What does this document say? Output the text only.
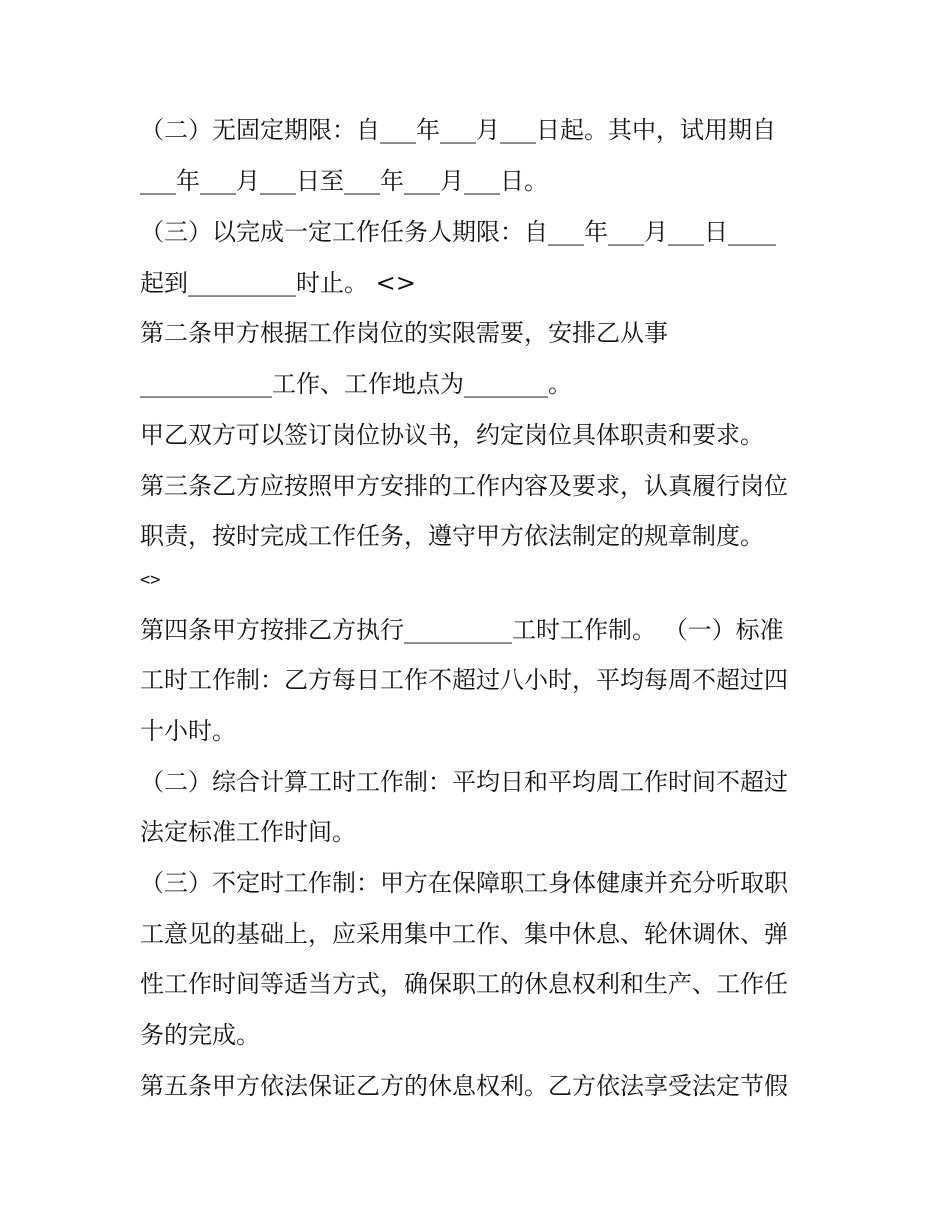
（二）无固定期限：自___年___月___日起。其中，试用期自
___年___月___日至___年___月___日。
（三）以完成一定工作任务人期限：自___年___月___日____
起到_________时止。 <>
第二条甲方根据工作岗位的实限需要，安排乙从事
___________工作、工作地点为_______。
甲乙双方可以签订岗位协议书，约定岗位具体职责和要求。
第三条乙方应按照甲方安排的工作内容及要求，认真履行岗位
职责，按时完成工作任务，遵守甲方依法制定的规章制度。
<>
第四条甲方按排乙方执行_________工时工作制。 （一）标准
工时工作制：乙方每日工作不超过八小时，平均每周不超过四
十小时。
（二）综合计算工时工作制：平均日和平均周工作时间不超过
法定标准工作时间。
（三）不定时工作制：甲方在保障职工身体健康并充分听取职
工意见的基础上，应采用集中工作、集中休息、轮休调休、弹
性工作时间等适当方式，确保职工的休息权利和生产、工作任
务的完成。
第五条甲方依法保证乙方的休息权利。乙方依法享受法定节假
